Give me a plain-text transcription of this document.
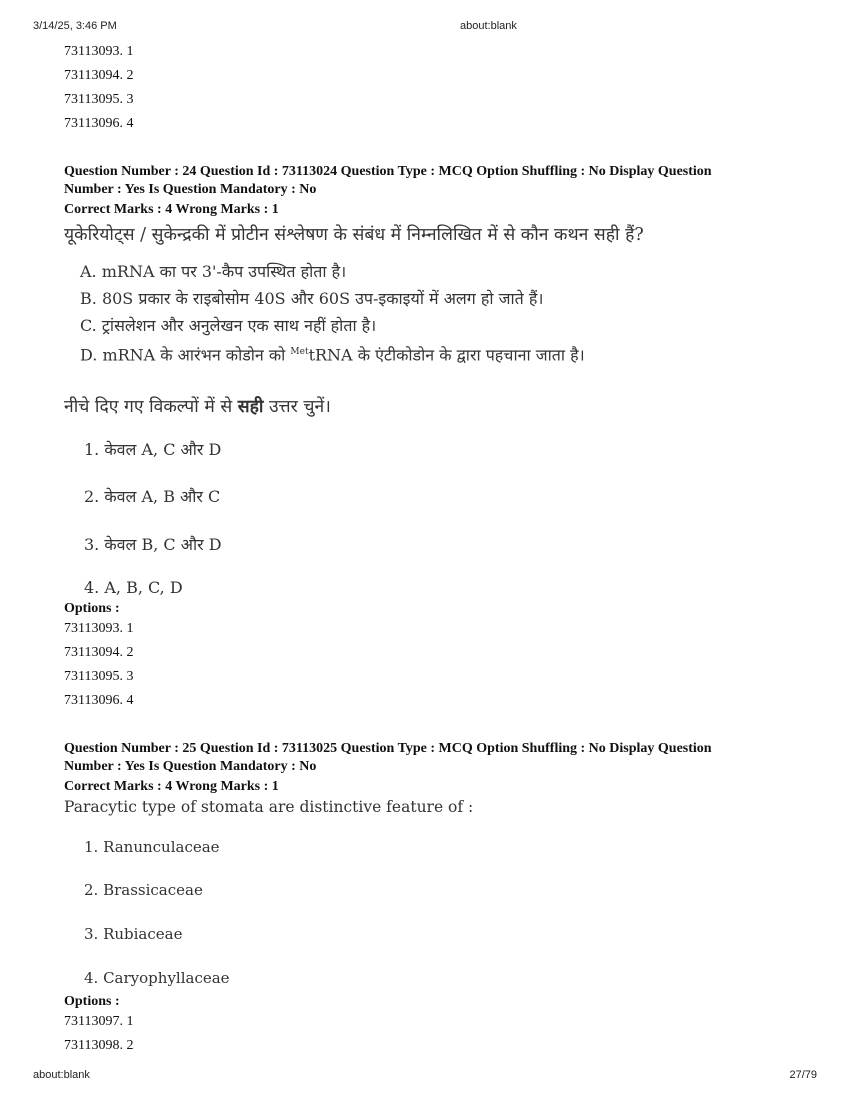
3/14/25, 3:46 PM	about:blank

73113093. 1

73113094. 2

73113095. 3

73113096. 4

Question Number : 24 Question Id : 73113024 Question Type : MCQ Option Shuffling : No Display Question

Number : Yes Is Question Mandatory : No

Correct Marks : 4 Wrong Marks : 1

यूकेरियोट्स / सुकेन्द्रकी में प्रोटीन संश्लेषण के संबंध में निम्नलिखित में से कौन कथन सही हैं?

A. mRNA का पर 3'-कैप उपस्थित होता है।

B. 80S प्रकार के राइबोसोम 40S और 60S उप-इकाइयों में अलग हो जाते हैं।

C. ट्रांसलेशन और अनुलेखन एक साथ नहीं होता है।

D. mRNA के आरंभन कोडोन को $^{Met}$tRNA के एंटीकोडोन के द्वारा पहचाना जाता है।

नीचे दिए गए विकल्पों में से सही उत्तर चुनें।

1. केवल A, C और D

2. केवल A, B और C

3. केवल B, C और D

4. A, B, C, D

Options :

73113093. 1

73113094. 2

73113095. 3

73113096. 4

Question Number : 25 Question Id : 73113025 Question Type : MCQ Option Shuffling : No Display Question

Number : Yes Is Question Mandatory : No

Correct Marks : 4 Wrong Marks : 1

Paracytic type of stomata are distinctive feature of :

1. Ranunculaceae

2. Brassicaceae

3. Rubiaceae

4. Caryophyllaceae

Options :

73113097. 1

73113098. 2

about:blank	27/79
